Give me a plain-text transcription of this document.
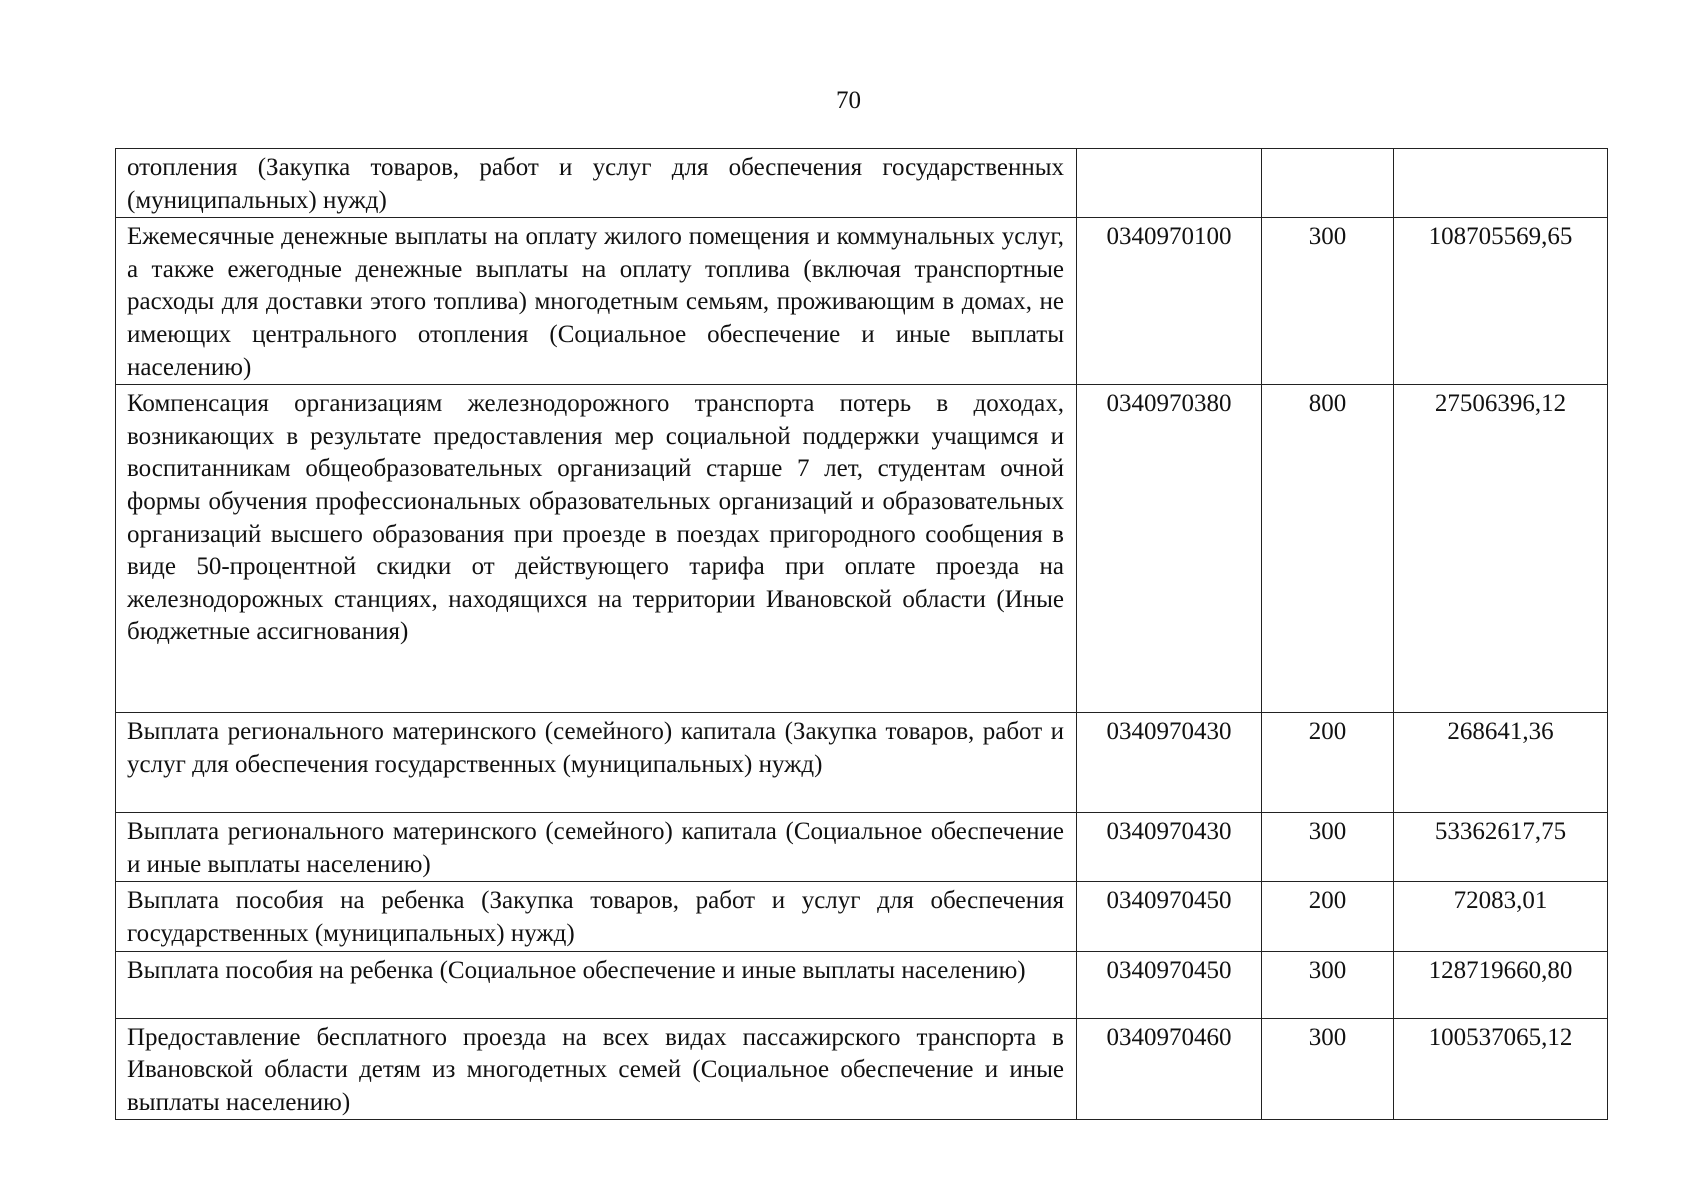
70
отопления (Закупка товаров, работ и услуг для обеспечения государственных (муниципальных) нужд)			
Ежемесячные денежные выплаты на оплату жилого помещения и коммунальных услуг, а также ежегодные денежные выплаты на оплату топлива (включая транспортные расходы для доставки этого топлива) многодетным семьям, проживающим в домах, не имеющих центрального отопления (Социальное обеспечение и иные выплаты населению)	0340970100	300	108705569,65
Компенсация организациям железнодорожного транспорта потерь в доходах, возникающих в результате предоставления мер социальной поддержки учащимся и воспитанникам общеобразовательных организаций старше 7 лет, студентам очной формы обучения профессиональных образовательных организаций и образовательных организаций высшего образования при проезде в поездах пригородного сообщения в виде 50-процентной скидки от действующего тарифа при оплате проезда на железнодорожных станциях, находящихся на территории Ивановской области (Иные бюджетные ассигнования)	0340970380	800	27506396,12
Выплата регионального материнского (семейного) капитала (Закупка товаров, работ и услуг для обеспечения государственных (муниципальных) нужд)	0340970430	200	268641,36
Выплата регионального материнского (семейного) капитала (Социальное обеспечение и иные выплаты населению)	0340970430	300	53362617,75
Выплата пособия на ребенка (Закупка товаров, работ и услуг для обеспечения государственных (муниципальных) нужд)	0340970450	200	72083,01
Выплата пособия на ребенка (Социальное обеспечение и иные выплаты населению)	0340970450	300	128719660,80
Предоставление бесплатного проезда на всех видах пассажирского транспорта в Ивановской области детям из многодетных семей (Социальное обеспечение и иные выплаты населению)	0340970460	300	100537065,12
